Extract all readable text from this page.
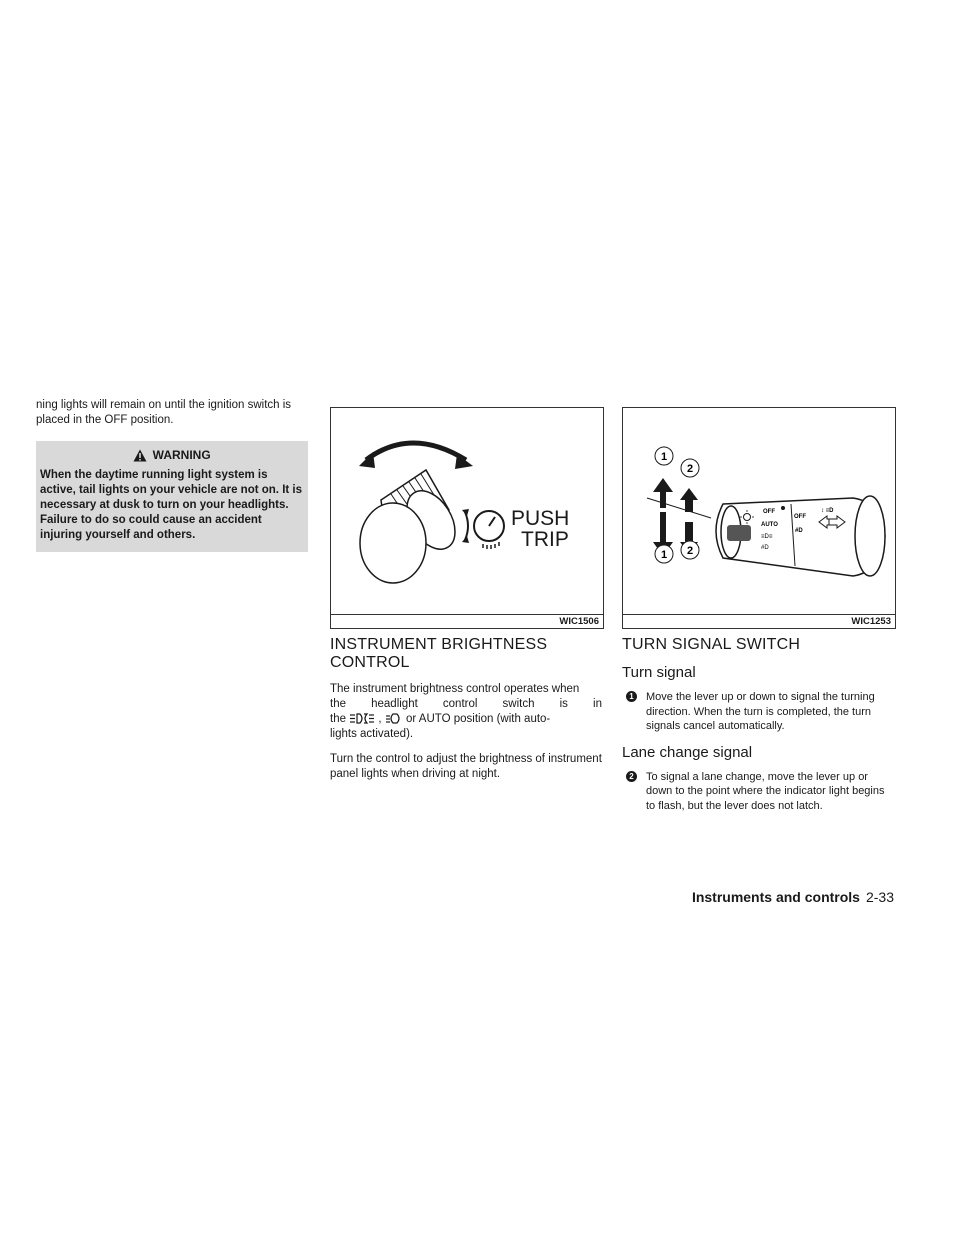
ning lights will remain on until the ignition switch is placed in the OFF position.

WARNING

When the daytime running light system is active, tail lights on your vehicle are not on. It is necessary at dusk to turn on your headlights. Failure to do so could cause an accident injuring yourself and others.

PUSH
TRIP
WIC1506
1
2
1 2
OFF
AUTO
OFF
#D
≡D≡
#D
↕ ≡D
WIC1253
INSTRUMENT BRIGHTNESS
CONTROL
The instrument brightness control operates when
the headlight control switch is in
the	, or AUTO position (with auto-
lights activated).

Turn the control to adjust the brightness of instrument panel lights when driving at night.

TURN SIGNAL SWITCH
Turn signal
1 Move the lever up or down to signal the turning direction. When the turn is completed, the turn signals cancel automatically.
Lane change signal
2 To signal a lane change, move the lever up or down to the point where the indicator light begins to flash, but the lever does not latch.
Instruments and controls 2-33
